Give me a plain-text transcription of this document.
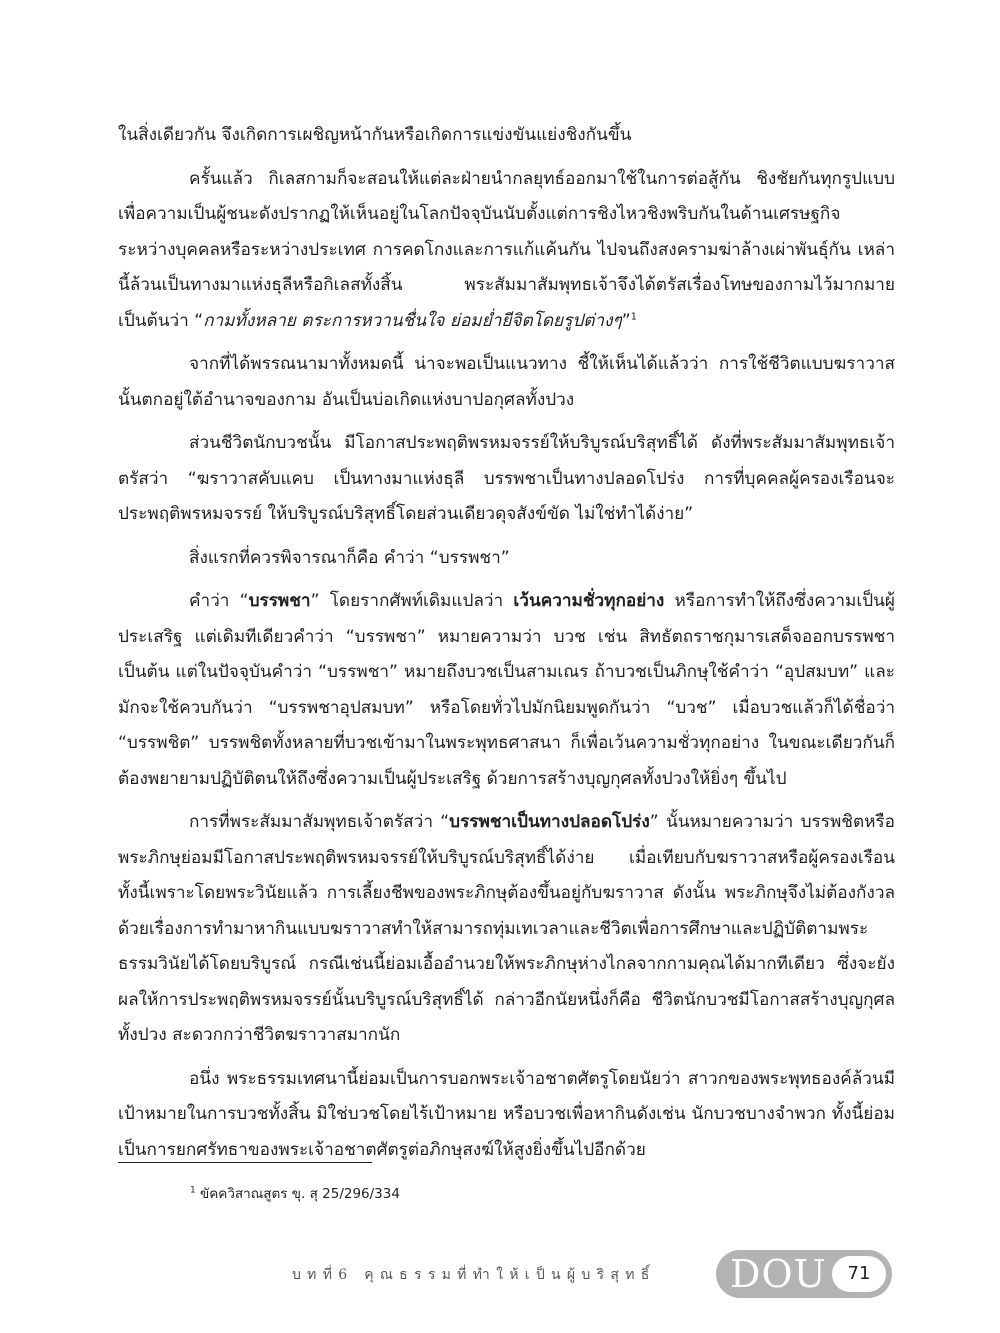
ในสิ่งเดียวกัน จึงเกิดการเผชิญหน้ากันหรือเกิดการแข่งขันแย่งชิงกันขึ้น

ครั้นแล้ว กิเลสกามก็จะสอนให้แต่ละฝ่ายนำกลยุทธ์ออกมาใช้ในการต่อสู้กัน ชิงชัยกันทุกรูปแบบ เพื่อความเป็นผู้ชนะดังปรากฏให้เห็นอยู่ในโลกปัจจุบันนับตั้งแต่การชิงไหวชิงพริบกันในด้านเศรษฐกิจระหว่างบุคคลหรือระหว่างประเทศ การคดโกงและการแก้แค้นกัน ไปจนถึงสงครามฆ่าล้างเผ่าพันธุ์กัน เหล่านี้ล้วนเป็นทางมาแห่งธุลีหรือกิเลสทั้งสิ้น พระสัมมาสัมพุทธเจ้าจึงได้ตรัสเรื่องโทษของกามไว้มากมาย เป็นต้นว่า “กามทั้งหลาย ตระการหวานชื่นใจ ย่อมย่ำยีจิตโดยรูปต่างๆ”$^1$

จากที่ได้พรรณนามาทั้งหมดนี้ น่าจะพอเป็นแนวทาง ชี้ให้เห็นได้แล้วว่า การใช้ชีวิตแบบฆราวาสนั้นตกอยู่ใต้อำนาจของกาม อันเป็นบ่อเกิดแห่งบาปอกุศลทั้งปวง

ส่วนชีวิตนักบวชนั้น มีโอกาสประพฤติพรหมจรรย์ให้บริบูรณ์บริสุทธิ์ได้ ดังที่พระสัมมาสัมพุทธเจ้าตรัสว่า “ฆราวาสคับแคบ เป็นทางมาแห่งธุลี บรรพชาเป็นทางปลอดโปร่ง การที่บุคคลผู้ครองเรือนจะประพฤติพรหมจรรย์ ให้บริบูรณ์บริสุทธิ์โดยส่วนเดียวดุจสังข์ขัด ไม่ใช่ทำได้ง่าย”

สิ่งแรกที่ควรพิจารณาก็คือ คำว่า “บรรพชา”

คำว่า “บรรพชา” โดยรากศัพท์เดิมแปลว่า เว้นความชั่วทุกอย่าง หรือการทำให้ถึงซึ่งความเป็นผู้ประเสริฐ แต่เดิมทีเดียวคำว่า “บรรพชา” หมายความว่า บวช เช่น สิทธัตถราชกุมารเสด็จออกบรรพชา เป็นต้น แต่ในปัจจุบันคำว่า “บรรพชา” หมายถึงบวชเป็นสามเณร ถ้าบวชเป็นภิกษุใช้คำว่า “อุปสมบท” และมักจะใช้ควบกันว่า “บรรพชาอุปสมบท” หรือโดยทั่วไปมักนิยมพูดกันว่า “บวช” เมื่อบวชแล้วก็ได้ชื่อว่า “บรรพชิต” บรรพชิตทั้งหลายที่บวชเข้ามาในพระพุทธศาสนา ก็เพื่อเว้นความชั่วทุกอย่าง ในขณะเดียวกันก็ต้องพยายามปฏิบัติตนให้ถึงซึ่งความเป็นผู้ประเสริฐ ด้วยการสร้างบุญกุศลทั้งปวงให้ยิ่งๆ ขึ้นไป

การที่พระสัมมาสัมพุทธเจ้าตรัสว่า “บรรพชาเป็นทางปลอดโปร่ง” นั้นหมายความว่า บรรพชิตหรือพระภิกษุย่อมมีโอกาสประพฤติพรหมจรรย์ให้บริบูรณ์บริสุทธิ์ได้ง่าย เมื่อเทียบกับฆราวาสหรือผู้ครองเรือน ทั้งนี้เพราะโดยพระวินัยแล้ว การเลี้ยงชีพของพระภิกษุต้องขึ้นอยู่กับฆราวาส ดังนั้น พระภิกษุจึงไม่ต้องกังวลด้วยเรื่องการทำมาหากินแบบฆราวาสทำให้สามารถทุ่มเทเวลาและชีวิตเพื่อการศึกษาและปฏิบัติตามพระธรรมวินัยได้โดยบริบูรณ์ กรณีเช่นนี้ย่อมเอื้ออำนวยให้พระภิกษุห่างไกลจากกามคุณได้มากทีเดียว ซึ่งจะยังผลให้การประพฤติพรหมจรรย์นั้นบริบูรณ์บริสุทธิ์ได้ กล่าวอีกนัยหนึ่งก็คือ ชีวิตนักบวชมีโอกาสสร้างบุญกุศลทั้งปวง สะดวกกว่าชีวิตฆราวาสมากนัก

อนึ่ง พระธรรมเทศนานี้ย่อมเป็นการบอกพระเจ้าอชาตศัตรูโดยนัยว่า สาวกของพระพุทธองค์ล้วนมีเป้าหมายในการบวชทั้งสิ้น มิใช่บวชโดยไร้เป้าหมาย หรือบวชเพื่อหากินดังเช่น นักบวชบางจำพวก ทั้งนี้ย่อมเป็นการยกศรัทธาของพระเจ้าอชาตศัตรูต่อภิกษุสงฆ์ให้สูงยิ่งขึ้นไปอีกด้วย

$^1$ ขัคควิสาณสูตร ขุ. สุ 25/296/334
บทที่6 คุณธรรมที่ทำให้เป็นผู้บริสุทธิ์ DOU	71
